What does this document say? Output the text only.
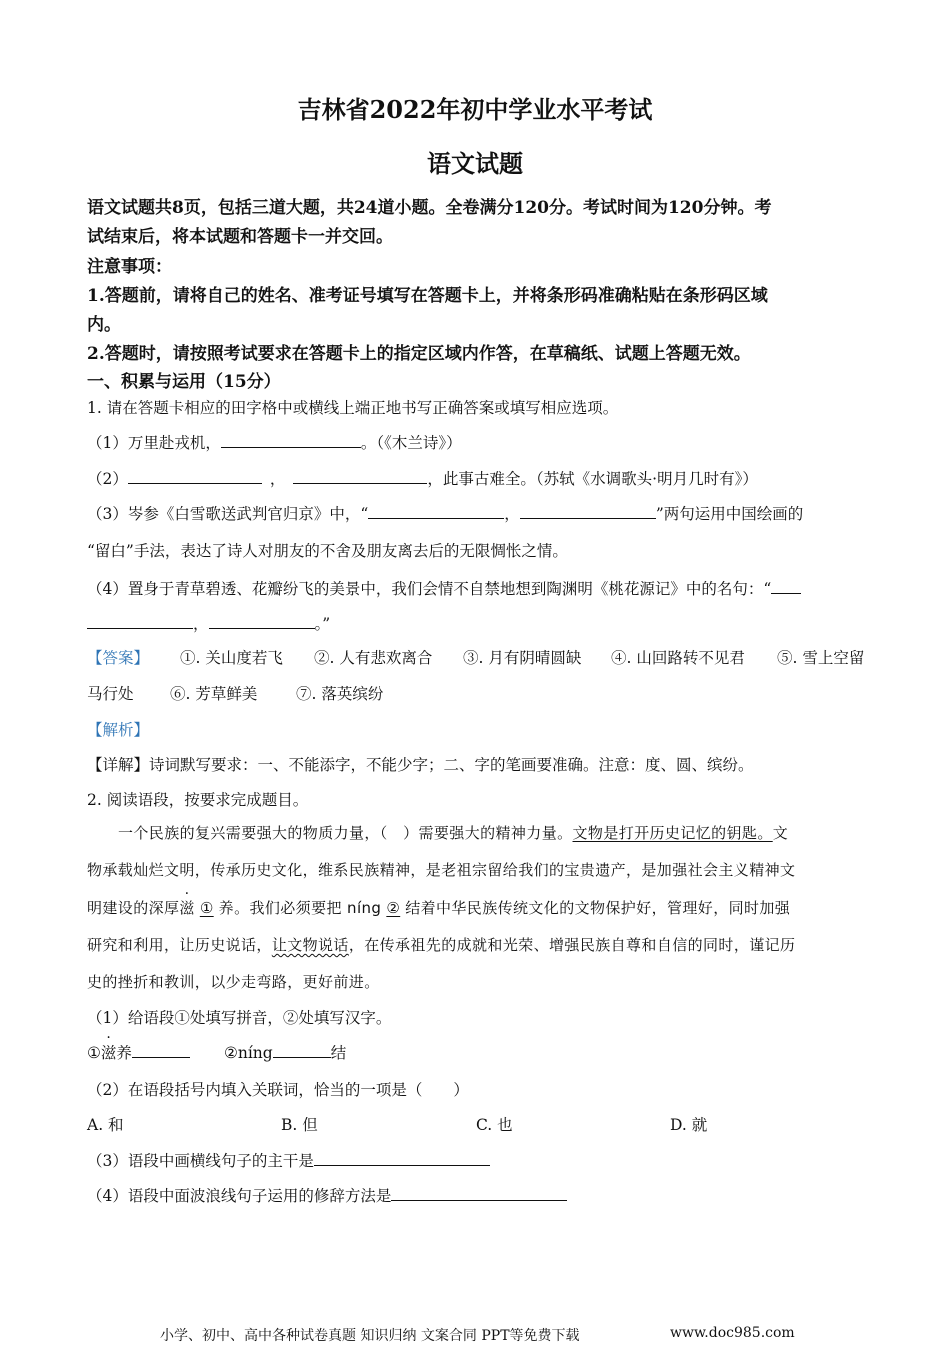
吉林省2022年初中学业水平考试
语文试题
语文试题共8页，包括三道大题，共24道小题。全卷满分120分。考试时间为120分钟。考
试结束后，将本试题和答题卡一并交回。
注意事项：
1.答题前，请将自己的姓名、准考证号填写在答题卡上，并将条形码准确粘贴在条形码区域
内。
2.答题时，请按照考试要求在答题卡上的指定区域内作答，在草稿纸、试题上答题无效。
一、积累与运用（15分）
1. 请在答题卡相应的田字格中或横线上端正地书写正确答案或填写相应选项。
（1）万里赴戎机，	。（《木兰诗》）
（2）	，	，此事古难全。（苏轼《水调歌头·明月几时有》）
（3）岑参《白雪歌送武判官归京》中，“	，	”两句运用中国绘画的
“留白”手法，表达了诗人对朋友的不舍及朋友离去后的无限惆怅之情。
（4）置身于青草碧透、花瓣纷飞的美景中，我们会情不自禁地想到陶渊明《桃花源记》中的名句：“
，	。”
【答案】 ①. 关山度若飞 ②. 人有悲欢离合 ③. 月有阴晴圆缺 ④. 山回路转不见君 ⑤. 雪上空留
马行处 ⑥. 芳草鲜美 ⑦. 落英缤纷
【解析】
【详解】诗词默写要求：一、不能添字，不能少字；二、字的笔画要准确。注意：度、圆、缤纷。
2. 阅读语段，按要求完成题目。
一个民族的复兴需要强大的物质力量，（　）需要强大的精神力量。文物是打开历史记忆的钥匙。文
物承载灿烂文明，传承历史文化，维系民族精神，是老祖宗留给我们的宝贵遗产，是加强社会主义精神文
明建设的深厚滋 ① 养。我们必须要把 níng ② 结着中华民族传统文化的文物保护好，管理好，同时加强
研究和利用，让历史说话，让文物说话，在传承祖先的成就和光荣、增强民族自尊和自信的同时，谨记历
史的挫折和教训，以少走弯路，更好前进。
（1）给语段①处填写拼音，②处填写汉字。
①滋养	②níng	结
（2）在语段括号内填入关联词，恰当的一项是（　　）
A. 和	B. 但	C. 也	D. 就
（3）语段中画横线句子的主干是
（4）语段中面波浪线句子运用的修辞方法是
小学、初中、高中各种试卷真题 知识归纳 文案合同 PPT等免费下载	www.doc985.com
